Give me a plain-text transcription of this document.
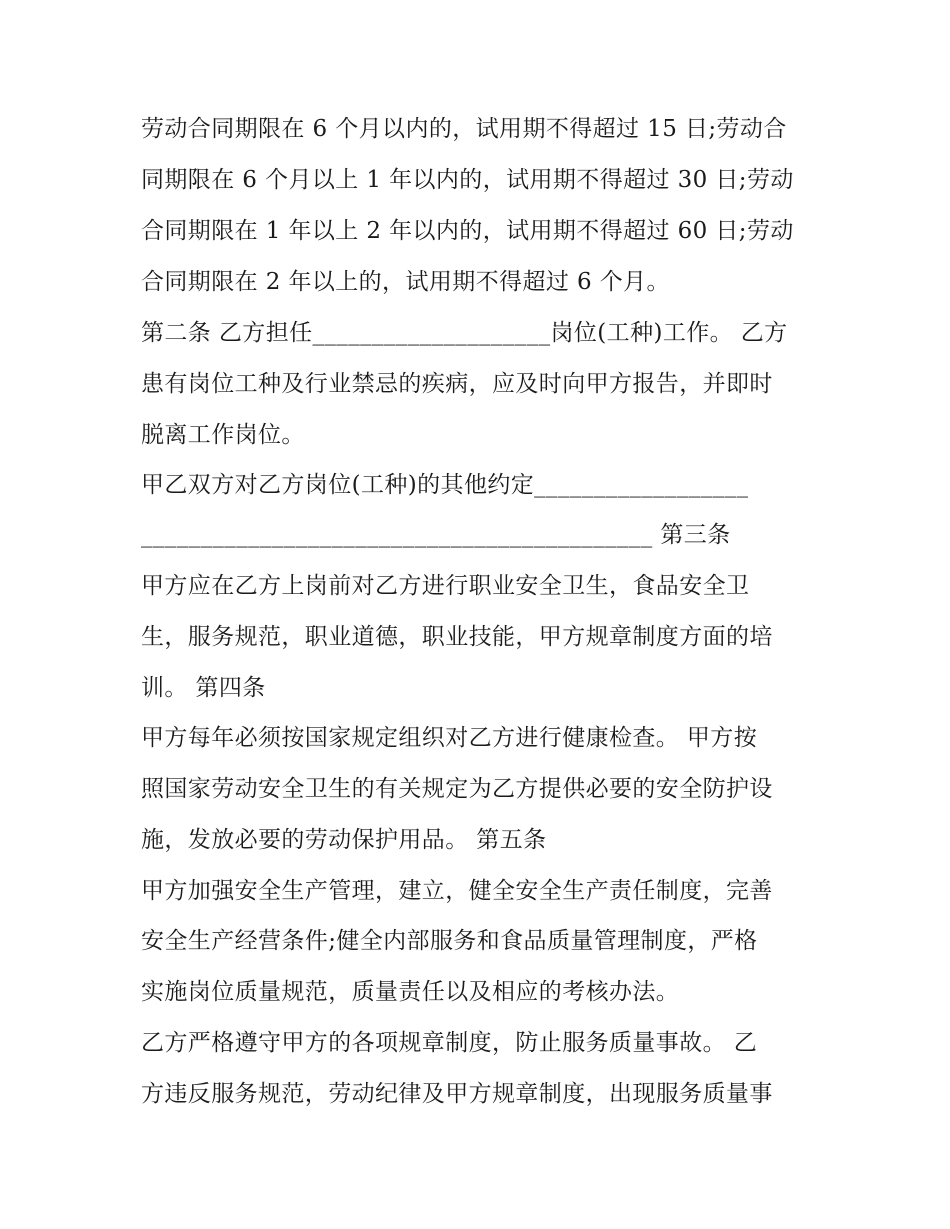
劳动合同期限在 6 个月以内的，试用期不得超过 15 日;劳动合
同期限在 6 个月以上 1 年以内的，试用期不得超过 30 日;劳动
合同期限在 1 年以上 2 年以内的，试用期不得超过 60 日;劳动
合同期限在 2 年以上的，试用期不得超过 6 个月。
第二条 乙方担任____________________岗位(工种)工作。 乙方
患有岗位工种及行业禁忌的疾病，应及时向甲方报告，并即时
脱离工作岗位。
甲乙双方对乙方岗位(工种)的其他约定__________________
___________________________________________ 第三条
甲方应在乙方上岗前对乙方进行职业安全卫生，食品安全卫
生，服务规范，职业道德，职业技能，甲方规章制度方面的培
训。 第四条
甲方每年必须按国家规定组织对乙方进行健康检查。 甲方按
照国家劳动安全卫生的有关规定为乙方提供必要的安全防护设
施，发放必要的劳动保护用品。 第五条
甲方加强安全生产管理，建立，健全安全生产责任制度，完善
安全生产经营条件;健全内部服务和食品质量管理制度，严格
实施岗位质量规范，质量责任以及相应的考核办法。
乙方严格遵守甲方的各项规章制度，防止服务质量事故。 乙
方违反服务规范，劳动纪律及甲方规章制度，出现服务质量事
